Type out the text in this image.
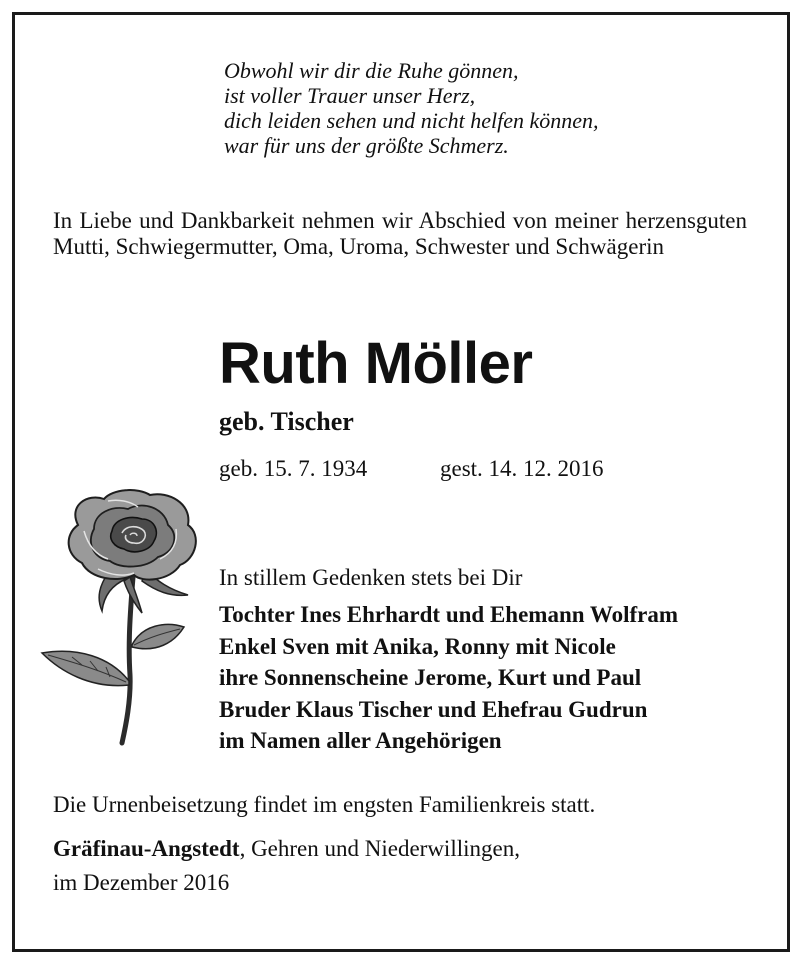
Obwohl wir dir die Ruhe gönnen,
ist voller Trauer unser Herz,
dich leiden sehen und nicht helfen können,
war für uns der größte Schmerz.
In Liebe und Dankbarkeit nehmen wir Abschied von meiner herzensguten Mutti, Schwiegermutter, Oma, Uroma, Schwester und Schwägerin
Ruth Möller
geb. Tischer
geb. 15. 7. 1934	gest. 14. 12. 2016
In stillem Gedenken stets bei Dir
Tochter Ines Ehrhardt und Ehemann Wolfram
Enkel Sven mit Anika, Ronny mit Nicole
ihre Sonnenscheine Jerome, Kurt und Paul
Bruder Klaus Tischer und Ehefrau Gudrun
im Namen aller Angehörigen
Die Urnenbeisetzung findet im engsten Familienkreis statt.
Gräfinau-Angstedt, Gehren und Niederwillingen,
im Dezember 2016
